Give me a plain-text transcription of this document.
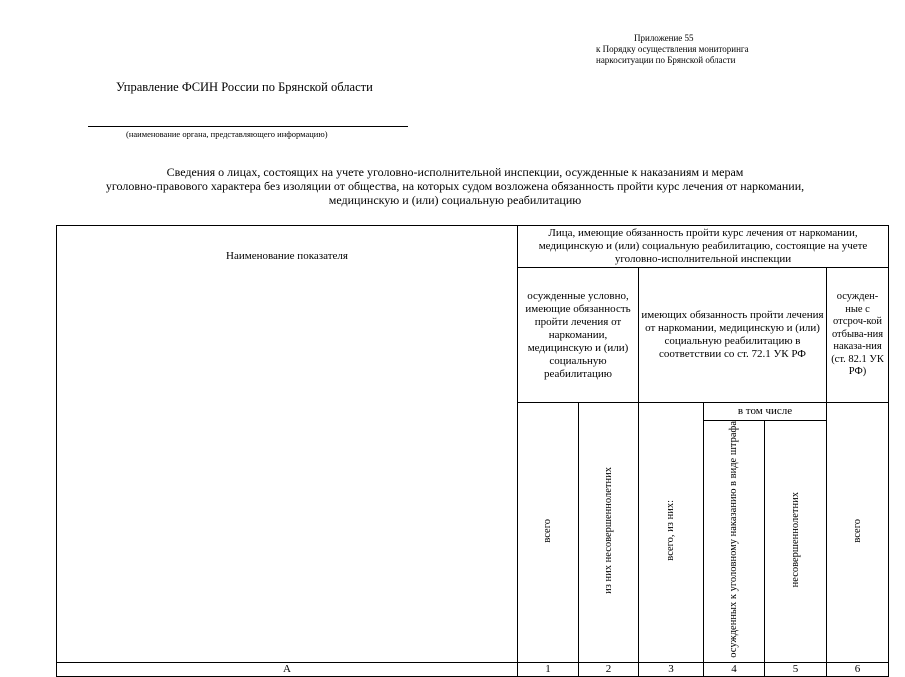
Приложение 55
к Порядку осуществления мониторинга
наркоситуации по Брянской области
Управление ФСИН России по Брянской области
(наименование органа, представляющего информацию)
Сведения о лицах, состоящих на учете уголовно-исполнительной инспекции, осужденные к наказаниям и мерам
уголовно-правового характера без изоляции от общества, на которых судом возложена обязанность пройти курс лечения от наркомании,
медицинскую и (или) социальную реабилитацию
Наименование показателя	Лица, имеющие обязанность пройти курс лечения от наркомании, медицинскую и (или) социальную реабилитацию, состоящие на учете уголовно-исполнительной инспекции					
	осужденные условно, имеющие обязанность пройти лечения от наркомании, медицинскую и (или) социальную реабилитацию		имеющих обязанность пройти лечения от наркомании, медицинскую и (или) социальную реабилитацию в соответствии со ст. 72.1 УК РФ			осужден-ные с отсроч-кой отбыва-ния наказа-ния (ст. 82.1 УК РФ)
	всего	из них несовершеннолетних	всего, из них:	в том числе		всего
				осужденных к уголовному наказанию в виде штрафа	несовершеннолетних	
А	1	2	3	4	5	6
